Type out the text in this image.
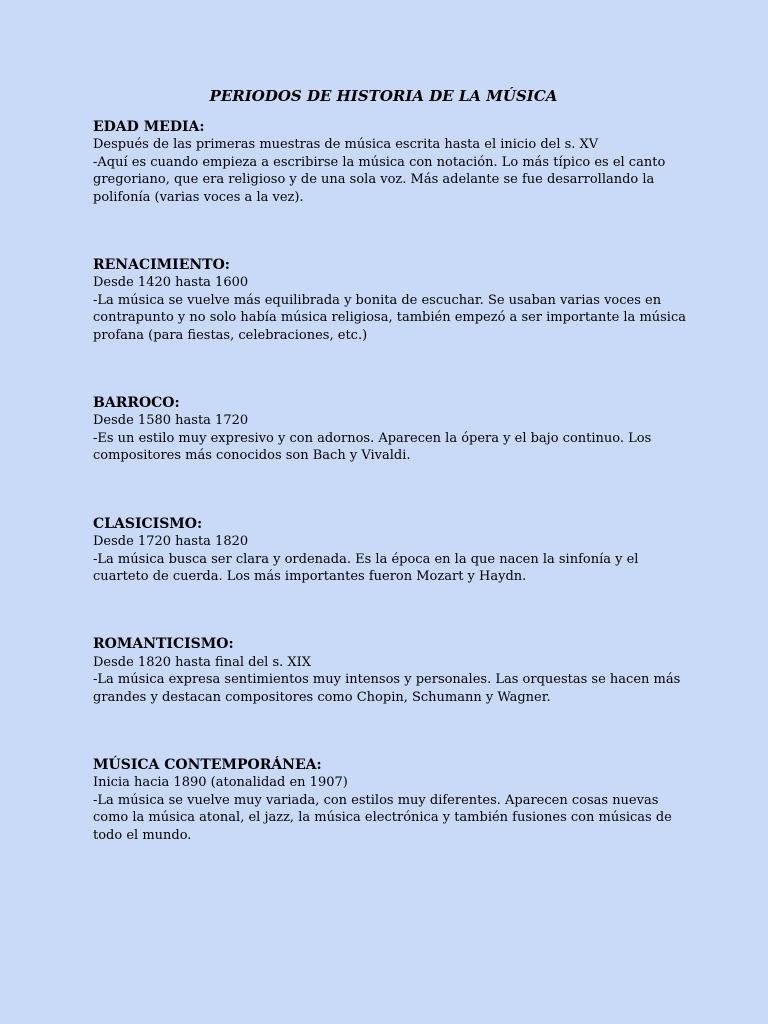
PERIODOS DE HISTORIA DE LA MÚSICA
EDAD MEDIA:

Después de las primeras muestras de música escrita hasta el inicio del s. XV

-Aquí es cuando empieza a escribirse la música con notación. Lo más típico es el canto gregoriano, que era religioso y de una sola voz. Más adelante se fue desarrollando la polifonía (varias voces a la vez).

RENACIMIENTO:

Desde 1420 hasta 1600

-La música se vuelve más equilibrada y bonita de escuchar. Se usaban varias voces en contrapunto y no solo había música religiosa, también empezó a ser importante la música profana (para fiestas, celebraciones, etc.)

BARROCO:

Desde 1580 hasta 1720

-Es un estilo muy expresivo y con adornos. Aparecen la ópera y el bajo continuo. Los compositores más conocidos son Bach y Vivaldi.

CLASICISMO:

Desde 1720 hasta 1820

-La música busca ser clara y ordenada. Es la época en la que nacen la sinfonía y el cuarteto de cuerda. Los más importantes fueron Mozart y Haydn.

ROMANTICISMO:

Desde 1820 hasta final del s. XIX

-La música expresa sentimientos muy intensos y personales. Las orquestas se hacen más grandes y destacan compositores como Chopin, Schumann y Wagner.

MÚSICA CONTEMPORÁNEA:

Inicia hacia 1890 (atonalidad en 1907)

-La música se vuelve muy variada, con estilos muy diferentes. Aparecen cosas nuevas como la música atonal, el jazz, la música electrónica y también fusiones con músicas de todo el mundo.
